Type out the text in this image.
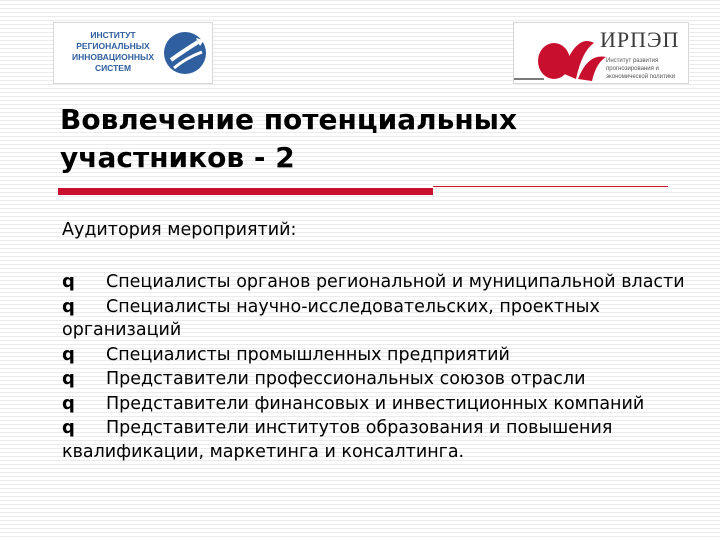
ИНСТИТУТ
РЕГИОНАЛЬНЫХ
ИННОВАЦИОННЫХ
СИСТЕМ
ИРПЭП
Институт развития прогнозирования и экономической политики
Вовлечение потенциальных
участников - 2

Аудитория мероприятий:

q Специалисты органов региональной и муниципальной власти
q Специалисты научно-исследовательских, проектных организаций
q Специалисты промышленных предприятий
q Представители профессиональных союзов отрасли
q Представители финансовых и инвестиционных компаний
q Представители институтов образования и повышения квалификации, маркетинга и консалтинга.
